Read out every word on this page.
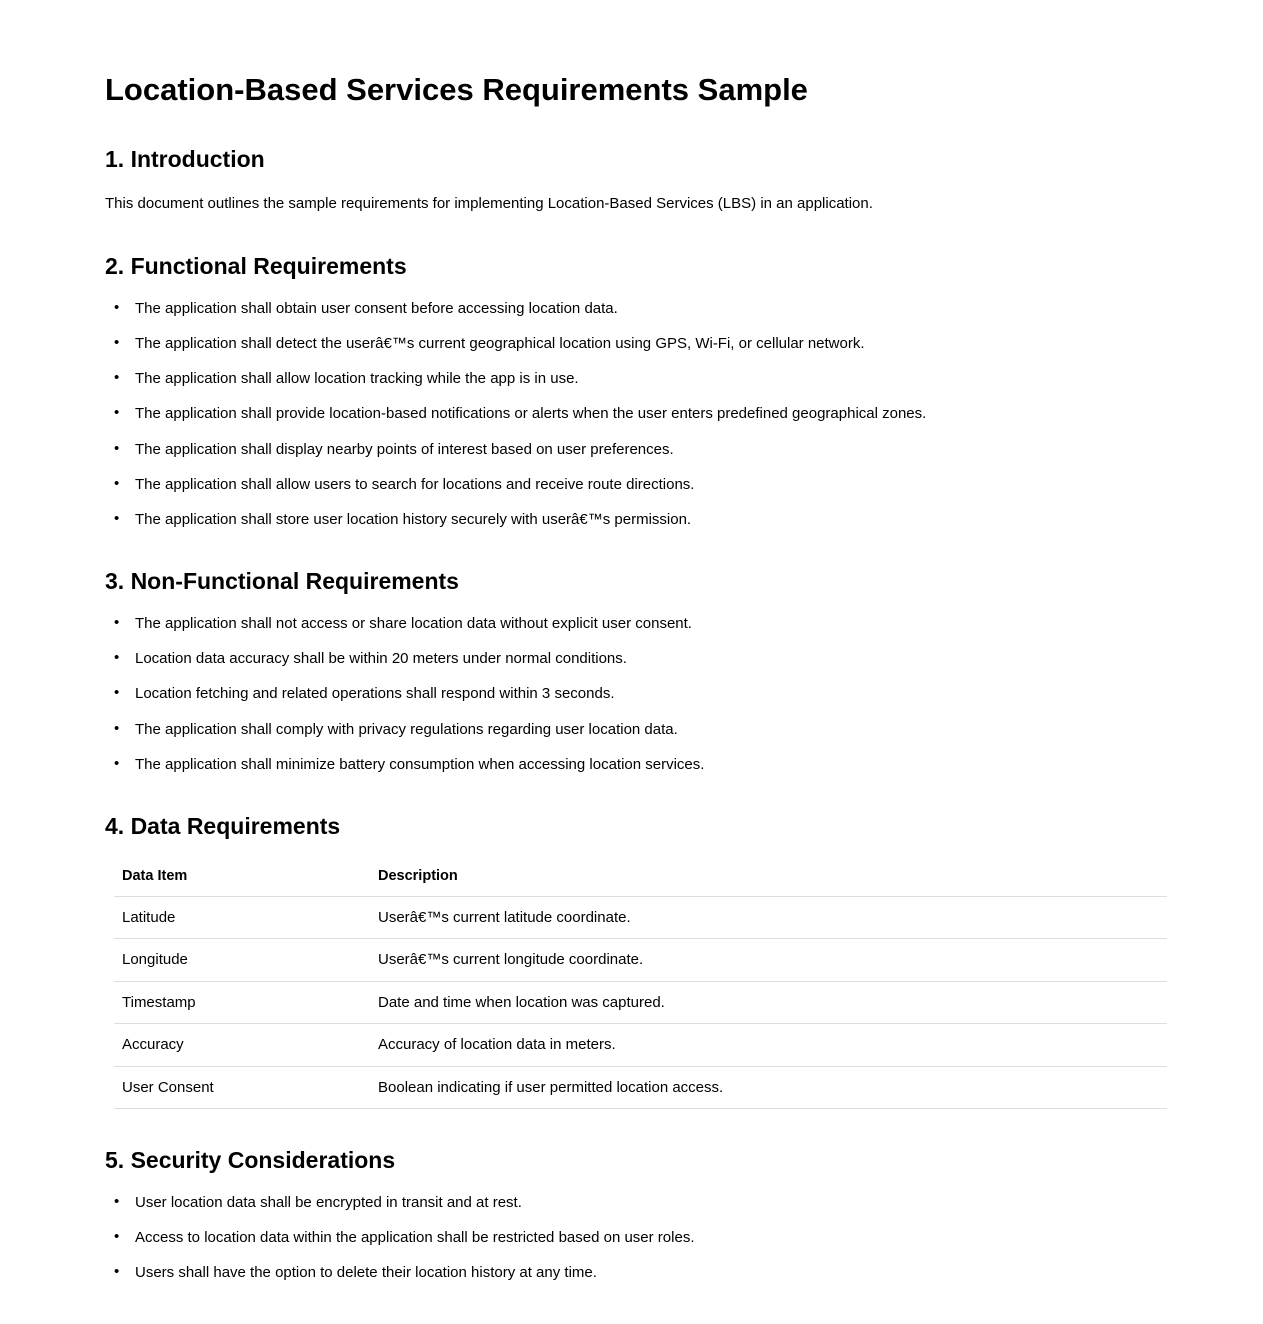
Location-Based Services Requirements Sample
1. Introduction

This document outlines the sample requirements for implementing Location-Based Services (LBS) in an application.

2. Functional Requirements
• The application shall obtain user consent before accessing location data.
• The application shall detect the userâ€™s current geographical location using GPS, Wi-Fi, or cellular network.
• The application shall allow location tracking while the app is in use.
• The application shall provide location-based notifications or alerts when the user enters predefined geographical zones.
• The application shall display nearby points of interest based on user preferences.
• The application shall allow users to search for locations and receive route directions.
• The application shall store user location history securely with userâ€™s permission.
3. Non-Functional Requirements
• The application shall not access or share location data without explicit user consent.
• Location data accuracy shall be within 20 meters under normal conditions.
• Location fetching and related operations shall respond within 3 seconds.
• The application shall comply with privacy regulations regarding user location data.
• The application shall minimize battery consumption when accessing location services.
4. Data Requirements
Data Item	Description
Latitude	Userâ€™s current latitude coordinate.
Longitude	Userâ€™s current longitude coordinate.
Timestamp	Date and time when location was captured.
Accuracy	Accuracy of location data in meters.
User Consent	Boolean indicating if user permitted location access.
5. Security Considerations
• User location data shall be encrypted in transit and at rest.
• Access to location data within the application shall be restricted based on user roles.
• Users shall have the option to delete their location history at any time.
